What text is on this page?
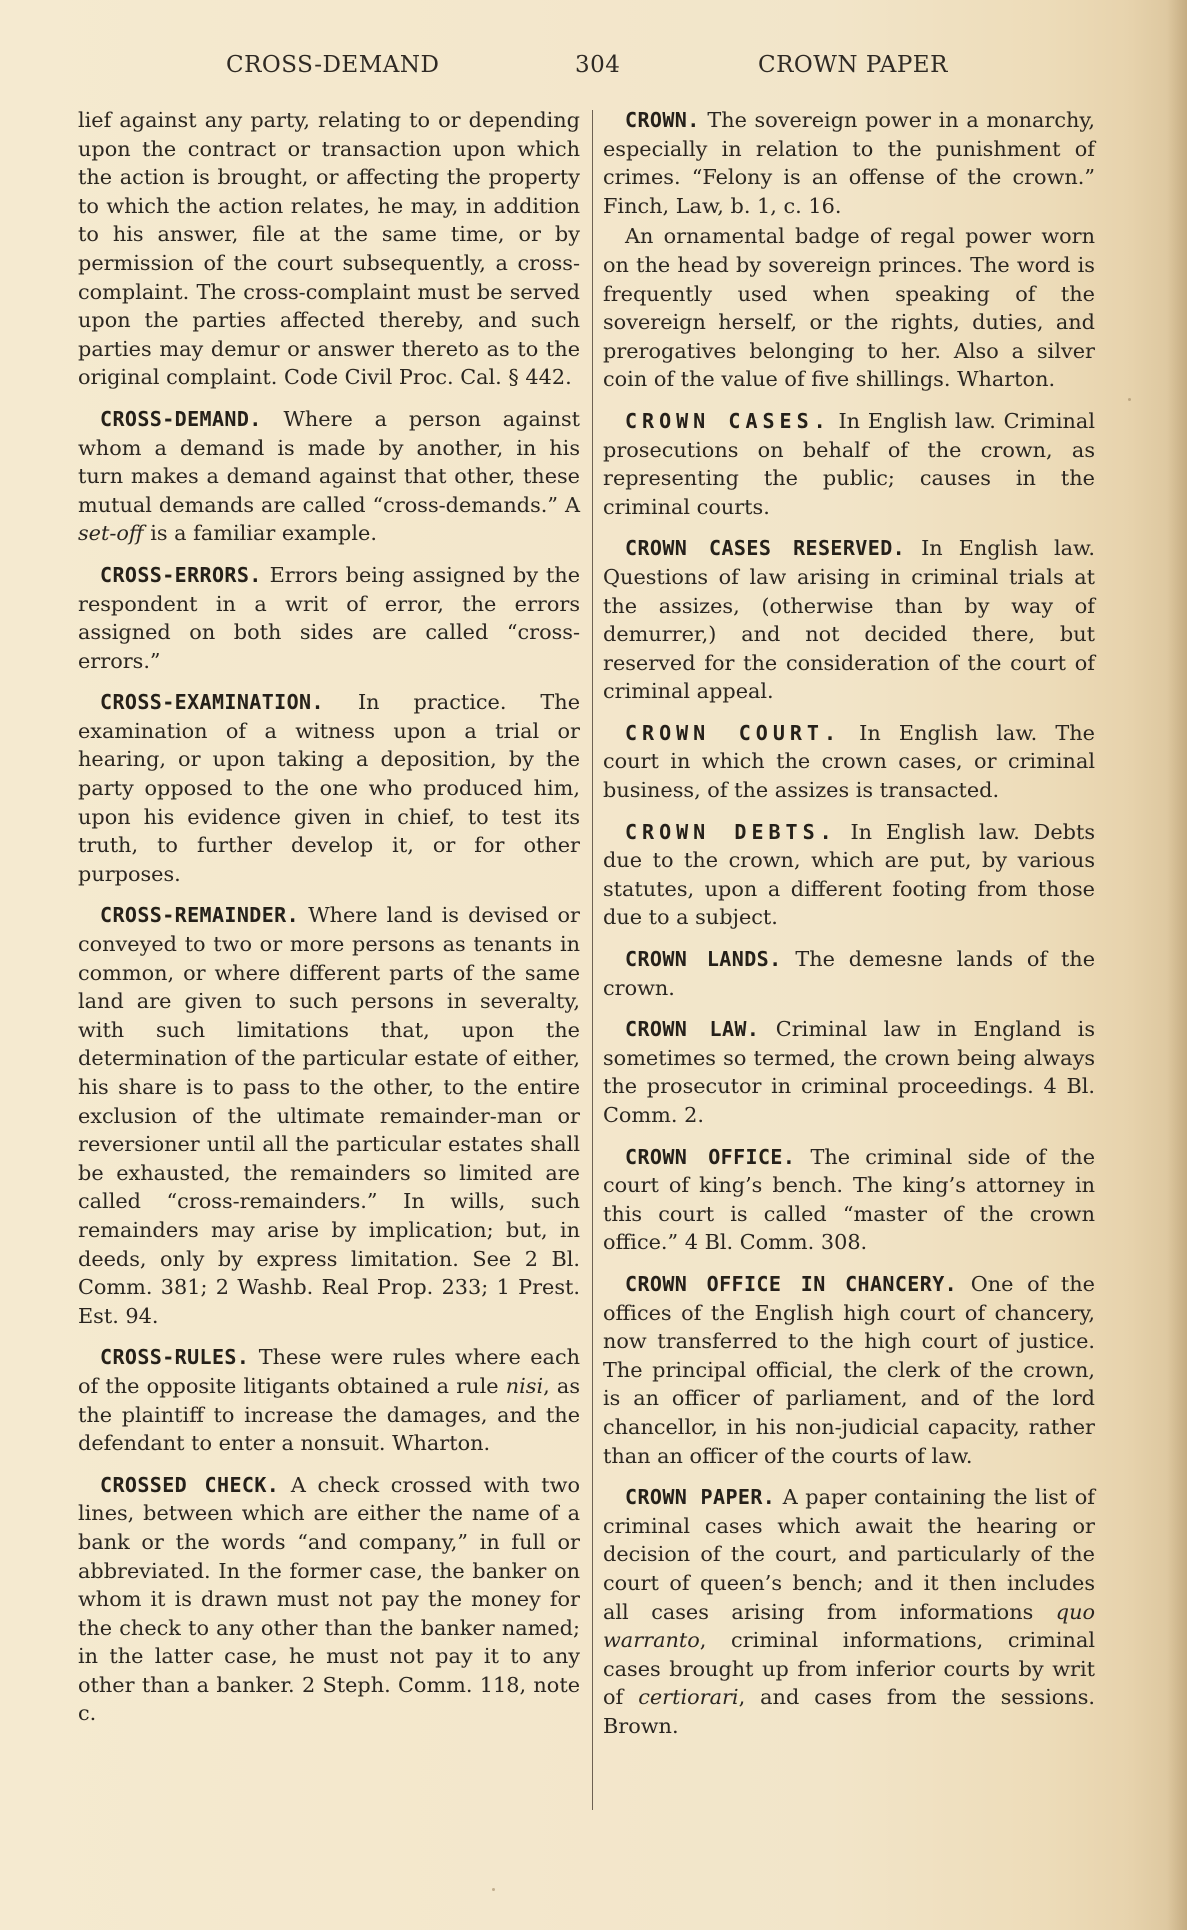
CROSS-DEMAND	304	CROWN PAPER

lief against any party, relating to or depending upon the contract or transaction upon which the action is brought, or affecting the property to which the action relates, he may, in addition to his answer, file at the same time, or by permission of the court subsequently, a cross-complaint. The cross-complaint must be served upon the parties affected thereby, and such parties may demur or answer thereto as to the original complaint. Code Civil Proc. Cal. § 442.

CROSS-DEMAND. Where a person against whom a demand is made by another, in his turn makes a demand against that other, these mutual demands are called “cross-demands.” A set-off is a familiar example.

CROSS-ERRORS. Errors being assigned by the respondent in a writ of error, the errors assigned on both sides are called “cross-errors.”

CROSS-EXAMINATION. In practice. The examination of a witness upon a trial or hearing, or upon taking a deposition, by the party opposed to the one who produced him, upon his evidence given in chief, to test its truth, to further develop it, or for other purposes.

CROSS-REMAINDER. Where land is devised or conveyed to two or more persons as tenants in common, or where different parts of the same land are given to such persons in severalty, with such limitations that, upon the determination of the particular estate of either, his share is to pass to the other, to the entire exclusion of the ultimate remainder-man or reversioner until all the particular estates shall be exhausted, the remainders so limited are called “cross-remainders.” In wills, such remainders may arise by implication; but, in deeds, only by express limitation. See 2 Bl. Comm. 381; 2 Washb. Real Prop. 233; 1 Prest. Est. 94.

CROSS-RULES. These were rules where each of the opposite litigants obtained a rule nisi, as the plaintiff to increase the damages, and the defendant to enter a nonsuit. Wharton.

CROSSED CHECK. A check crossed with two lines, between which are either the name of a bank or the words “and company,” in full or abbreviated. In the former case, the banker on whom it is drawn must not pay the money for the check to any other than the banker named; in the latter case, he must not pay it to any other than a banker. 2 Steph. Comm. 118, note c.

CROWN. The sovereign power in a monarchy, especially in relation to the punishment of crimes. “Felony is an offense of the crown.” Finch, Law, b. 1, c. 16.

An ornamental badge of regal power worn on the head by sovereign princes. The word is frequently used when speaking of the sovereign herself, or the rights, duties, and prerogatives belonging to her. Also a silver coin of the value of five shillings. Wharton.

CROWN CASES. In English law. Criminal prosecutions on behalf of the crown, as representing the public; causes in the criminal courts.

CROWN CASES RESERVED. In English law. Questions of law arising in criminal trials at the assizes, (otherwise than by way of demurrer,) and not decided there, but reserved for the consideration of the court of criminal appeal.

CROWN COURT. In English law. The court in which the crown cases, or criminal business, of the assizes is transacted.

CROWN DEBTS. In English law. Debts due to the crown, which are put, by various statutes, upon a different footing from those due to a subject.

CROWN LANDS. The demesne lands of the crown.

CROWN LAW. Criminal law in England is sometimes so termed, the crown being always the prosecutor in criminal proceedings. 4 Bl. Comm. 2.

CROWN OFFICE. The criminal side of the court of king’s bench. The king’s attorney in this court is called “master of the crown office.” 4 Bl. Comm. 308.

CROWN OFFICE IN CHANCERY. One of the offices of the English high court of chancery, now transferred to the high court of justice. The principal official, the clerk of the crown, is an officer of parliament, and of the lord chancellor, in his non-judicial capacity, rather than an officer of the courts of law.

CROWN PAPER. A paper containing the list of criminal cases which await the hearing or decision of the court, and particularly of the court of queen’s bench; and it then includes all cases arising from informations quo warranto, criminal informations, criminal cases brought up from inferior courts by writ of certiorari, and cases from the sessions. Brown.
